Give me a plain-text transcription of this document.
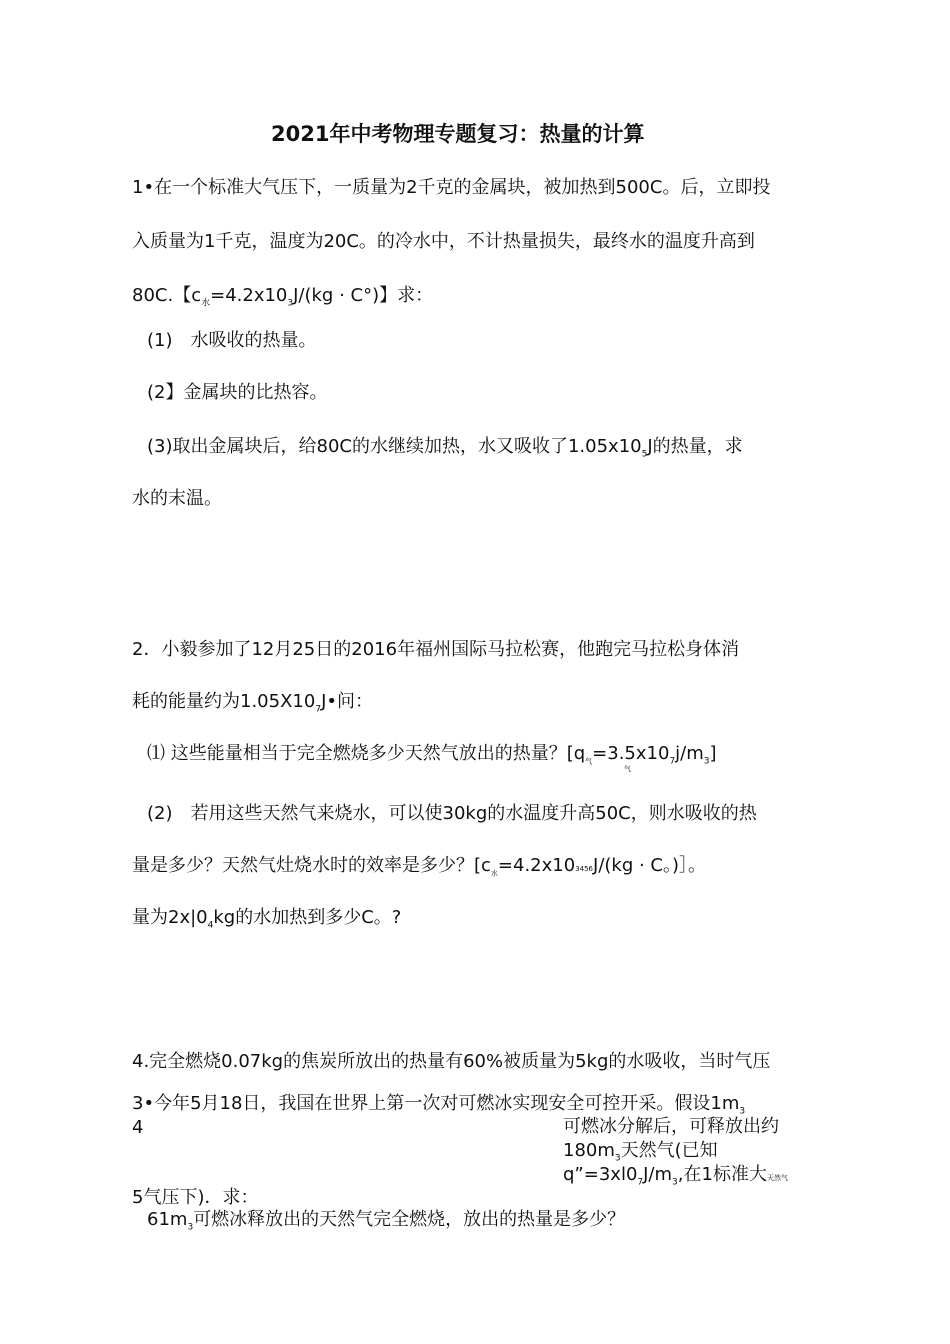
2021年中考物理专题复习：热量的计算
1•在一个标准大气压下，一质量为2千克的金属块，被加热到500C。后，立即投
入质量为1千克，温度为20C。的冷水中，不计热量损失，最终水的温度升高到
80C.【$c_水=4.2x10_3J/(kg \cdot C^\circ)$】求：
(1)　水吸收的热量。
(2】金属块的比热容。
(3)取出金属块后，给80C的水继续加热，水又吸收了$1.05x10_5J$的热量，求
水的末温。
2．小毅参加了12月25日的2016年福州国际马拉松赛，他跑完马拉松身体消
耗的能量约为$1.05X10_7J•$问：
⑴ 这些能量相当于完全燃烧多少天然气放出的热量？$[q_气=3.5x10_7j/m_3]$
气
(2)　若用这些天然气来烧水，可以使30kg的水温度升高50C，则水吸收的热
量是多少？天然气灶烧水时的效率是多少？[$c_水=4.2x103456J/(kg \cdot C$。)］。
量为$2x|0_4kg$的水加热到多少C。?
4.完全燃烧0.07kg的焦炭所放出的热量有60%被质量为5kg的水吸收，当时气压
3•今年5月18日，我国在世界上第一次对可燃冰实现安全可控开采。假设$1m_3$
4	可燃冰分解后，可释放出约
$180m_3$天然气(已知
$q”=3xl0_7J/m_3$,在1标准大天然气
5气压下)．求：
$61m_3$可燃冰释放出的天然气完全燃烧，放出的热量是多少？
